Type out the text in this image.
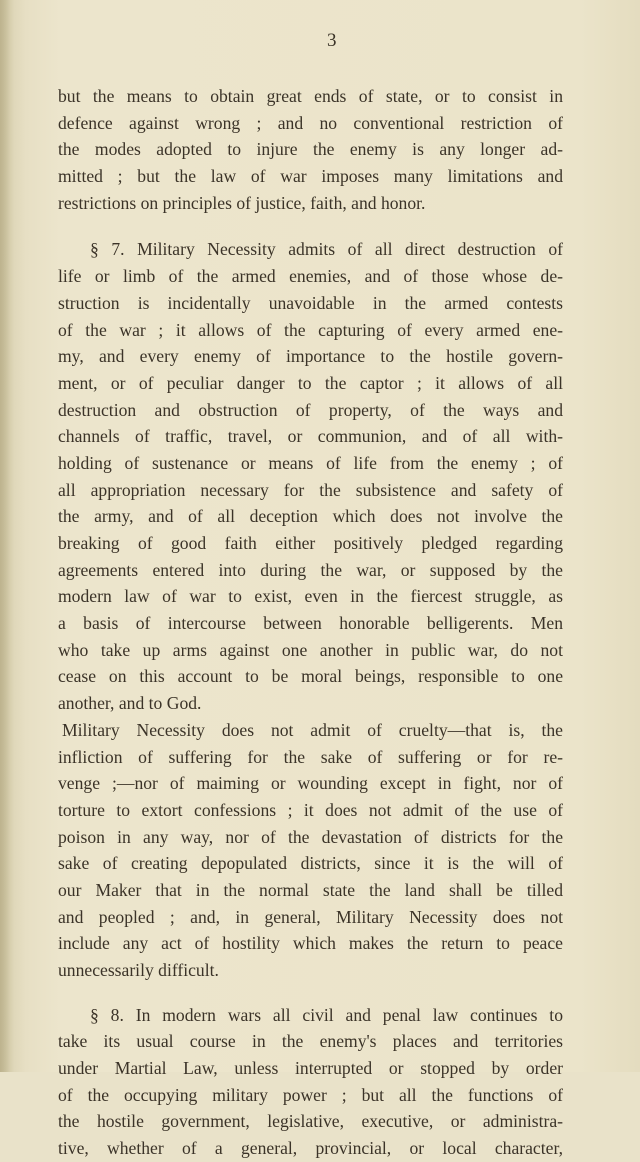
3
but the means to obtain great ends of state, or to consist in
defence against wrong ; and no conventional restriction of
the modes adopted to injure the enemy is any longer ad-
mitted ; but the law of war imposes many limitations and
restrictions on principles of justice, faith, and honor.
§ 7. Military Necessity admits of all direct destruction of
life or limb of the armed enemies, and of those whose de-
struction is incidentally unavoidable in the armed contests
of the war ; it allows of the capturing of every armed ene-
my, and every enemy of importance to the hostile govern-
ment, or of peculiar danger to the captor ; it allows of all
destruction and obstruction of property, of the ways and
channels of traffic, travel, or communion, and of all with-
holding of sustenance or means of life from the enemy ; of
all appropriation necessary for the subsistence and safety of
the army, and of all deception which does not involve the
breaking of good faith either positively pledged regarding
agreements entered into during the war, or supposed by the
modern law of war to exist, even in the fiercest struggle, as
a basis of intercourse between honorable belligerents. Men
who take up arms against one another in public war, do not
cease on this account to be moral beings, responsible to one
another, and to God.
Military Necessity does not admit of cruelty—that is, the
infliction of suffering for the sake of suffering or for re-
venge ;—nor of maiming or wounding except in fight, nor of
torture to extort confessions ; it does not admit of the use of
poison in any way, nor of the devastation of districts for the
sake of creating depopulated districts, since it is the will of
our Maker that in the normal state the land shall be tilled
and peopled ; and, in general, Military Necessity does not
include any act of hostility which makes the return to peace
unnecessarily difficult.
§ 8. In modern wars all civil and penal law continues to
take its usual course in the enemy's places and territories
under Martial Law, unless interrupted or stopped by order
of the occupying military power ; but all the functions of
the hostile government, legislative, executive, or administra-
tive, whether of a general, provincial, or local character,
